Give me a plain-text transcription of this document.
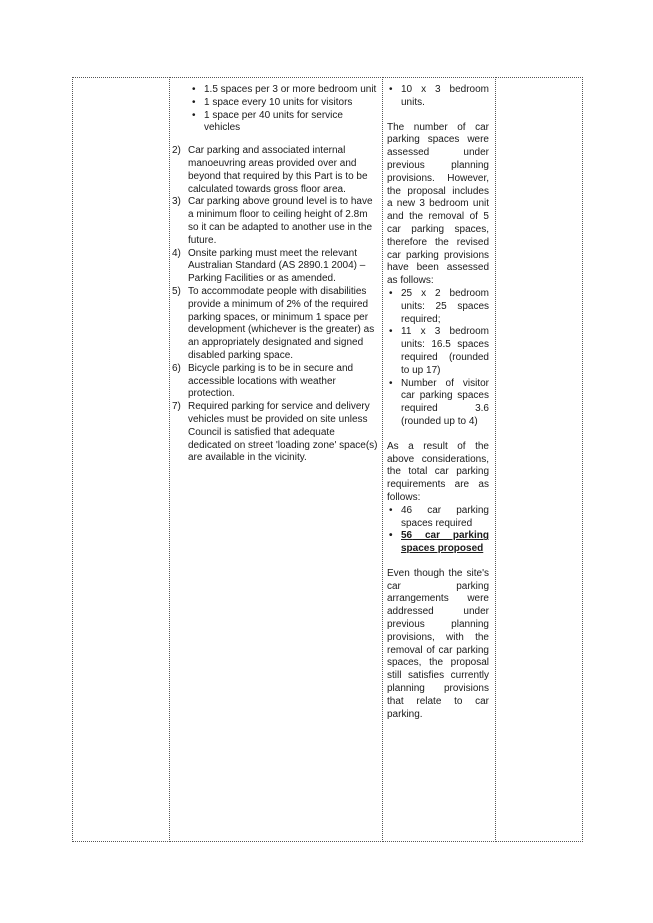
• 1.5 spaces per 3 or more bedroom unit
• 1 space every 10 units for visitors
• 1 space per 40 units for service vehicles
2) Car parking and associated internal manoeuvring areas provided over and beyond that required by this Part is to be calculated towards gross floor area.
3) Car parking above ground level is to have a minimum floor to ceiling height of 2.8m so it can be adapted to another use in the future.
4) Onsite parking must meet the relevant Australian Standard (AS 2890.1 2004) – Parking Facilities or as amended.
5) To accommodate people with disabilities provide a minimum of 2% of the required parking spaces, or minimum 1 space per development (whichever is the greater) as an appropriately designated and signed disabled parking space.
6) Bicycle parking is to be in secure and accessible locations with weather protection.
7) Required parking for service and delivery vehicles must be provided on site unless Council is satisfied that adequate dedicated on street 'loading zone' space(s) are available in the vicinity.

• 10 x 3 bedroom units.

The number of car parking spaces were assessed under previous planning provisions. However, the proposal includes a new 3 bedroom unit and the removal of 5 car parking spaces, therefore the revised car parking provisions have been assessed as follows:

• 25 x 2 bedroom units: 25 spaces required;
• 11 x 3 bedroom units: 16.5 spaces required (rounded to up 17)
• Number of visitor car parking spaces required 3.6 (rounded up to 4)

As a result of the above considerations, the total car parking requirements are as follows:

• 46 car parking spaces required
• 56 car parking spaces proposed

Even though the site's car parking arrangements were addressed under previous planning provisions, with the removal of car parking spaces, the proposal still satisfies currently planning provisions that relate to car parking.
